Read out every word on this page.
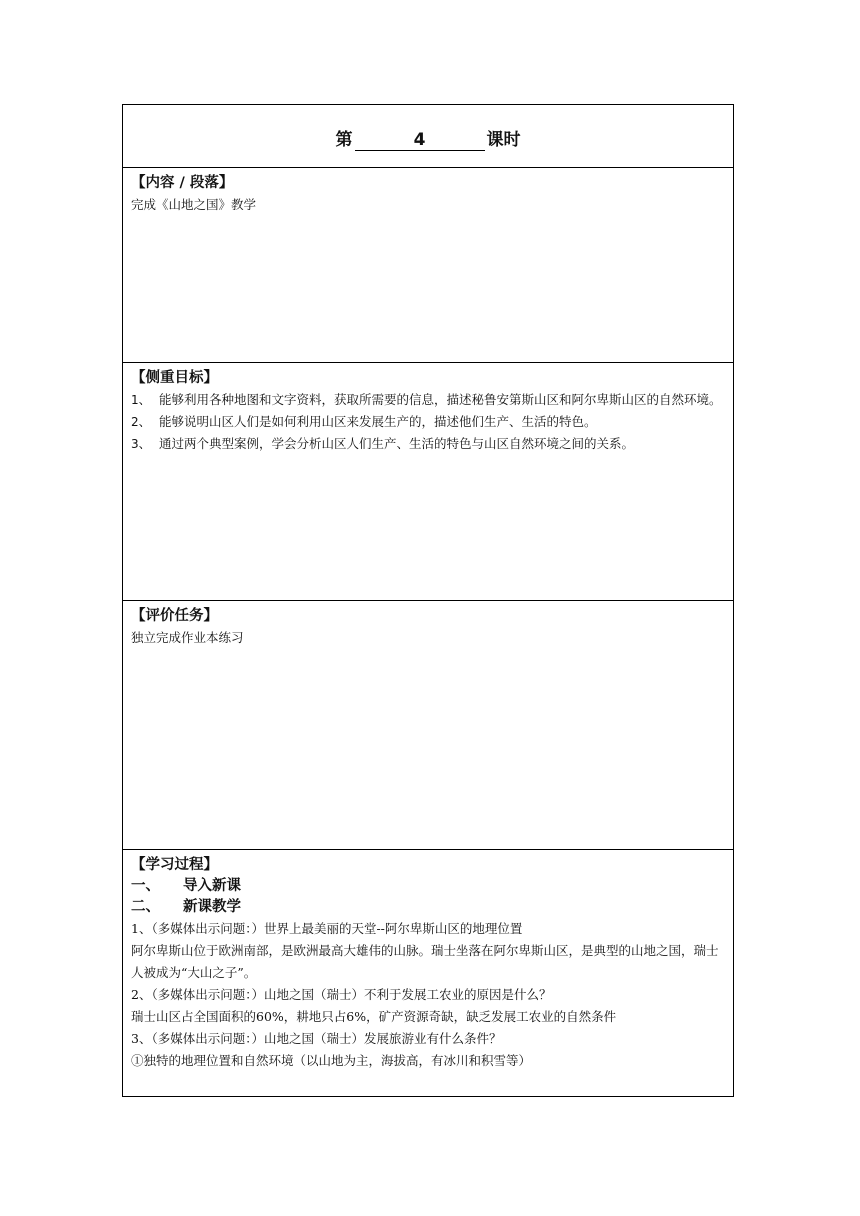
第	4	课时
【内容 / 段落】
完成《山地之国》教学
【侧重目标】
1、 能够利用各种地图和文字资料，获取所需要的信息，描述秘鲁安第斯山区和阿尔卑斯山区的自然环境。
2、 能够说明山区人们是如何利用山区来发展生产的，描述他们生产、生活的特色。
3、 通过两个典型案例，学会分析山区人们生产、生活的特色与山区自然环境之间的关系。
【评价任务】
独立完成作业本练习
【学习过程】
一、	导入新课
二、	新课教学
1、（多媒体出示问题：）世界上最美丽的天堂--阿尔卑斯山区的地理位置
阿尔卑斯山位于欧洲南部，是欧洲最高大雄伟的山脉。瑞士坐落在阿尔卑斯山区，是典型的山地之国，瑞士人被成为“大山之子”。
2、（多媒体出示问题：）山地之国（瑞士）不利于发展工农业的原因是什么？
瑞士山区占全国面积的60%，耕地只占6%，矿产资源奇缺，缺乏发展工农业的自然条件
3、（多媒体出示问题：）山地之国（瑞士）发展旅游业有什么条件？
①独特的地理位置和自然环境（以山地为主，海拔高，有冰川和积雪等）
